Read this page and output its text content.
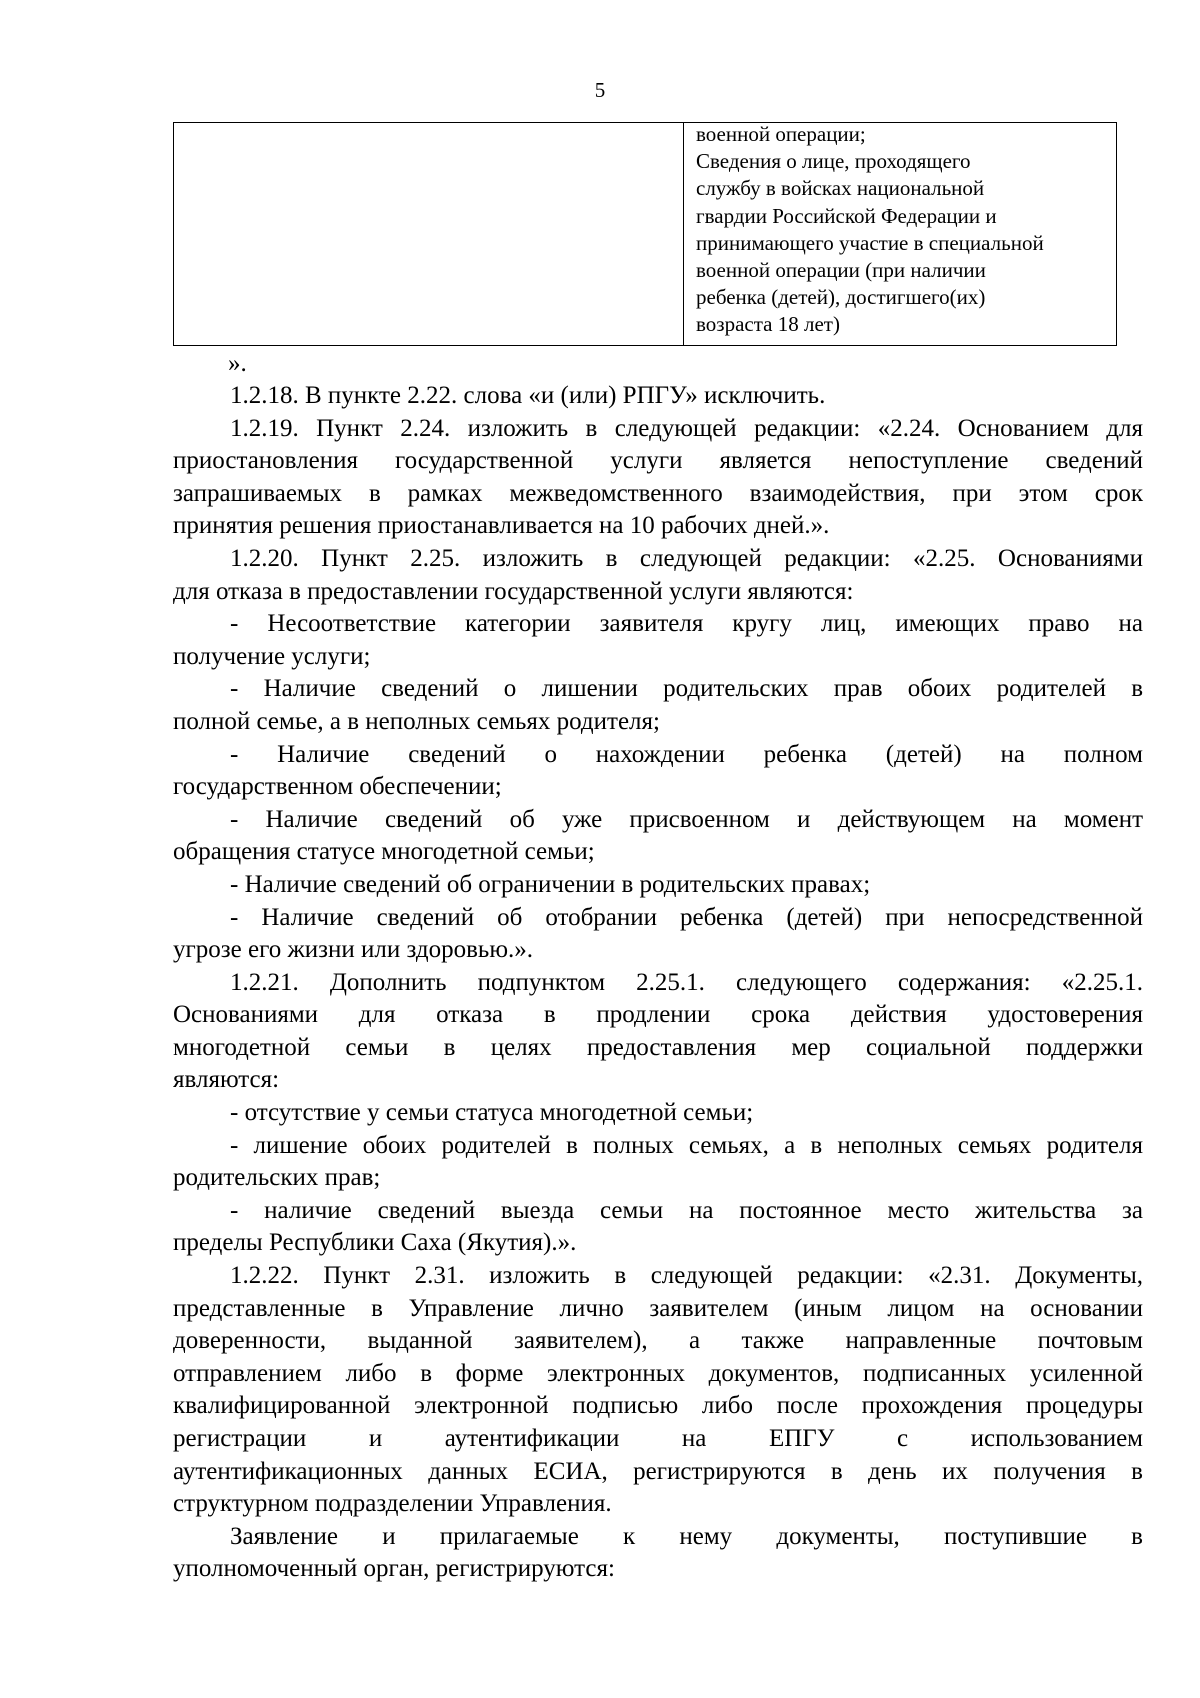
5
военной операции;
Сведения о лице, проходящего
службу в войсках национальной
гвардии Российской Федерации и
принимающего участие в специальной
военной операции (при наличии
ребенка (детей), достигшего(их)
возраста 18 лет)
».
1.2.18. В пункте 2.22. слова «и (или) РПГУ» исключить.
1.2.19. Пункт 2.24. изложить в следующей редакции: «2.24. Основанием для
приостановления государственной услуги является непоступление сведений
запрашиваемых в рамках межведомственного взаимодействия, при этом срок
принятия решения приостанавливается на 10 рабочих дней.».
1.2.20. Пункт 2.25. изложить в следующей редакции: «2.25. Основаниями
для отказа в предоставлении государственной услуги являются:
- Несоответствие категории заявителя кругу лиц, имеющих право на
получение услуги;
- Наличие сведений о лишении родительских прав обоих родителей в
полной семье, а в неполных семьях родителя;
- Наличие сведений о нахождении ребенка (детей) на полном
государственном обеспечении;
- Наличие сведений об уже присвоенном и действующем на момент
обращения статусе многодетной семьи;
- Наличие сведений об ограничении в родительских правах;
- Наличие сведений об отобрании ребенка (детей) при непосредственной
угрозе его жизни или здоровью.».
1.2.21. Дополнить подпунктом 2.25.1. следующего содержания: «2.25.1.
Основаниями для отказа в продлении срока действия удостоверения
многодетной семьи в целях предоставления мер социальной поддержки
являются:
- отсутствие у семьи статуса многодетной семьи;
- лишение обоих родителей в полных семьях, а в неполных семьях родителя
родительских прав;
- наличие сведений выезда семьи на постоянное место жительства за
пределы Республики Саха (Якутия).».
1.2.22. Пункт 2.31. изложить в следующей редакции: «2.31. Документы,
представленные в Управление лично заявителем (иным лицом на основании
доверенности, выданной заявителем), а также направленные почтовым
отправлением либо в форме электронных документов, подписанных усиленной
квалифицированной электронной подписью либо после прохождения процедуры
регистрации и аутентификации на ЕПГУ с использованием
аутентификационных данных ЕСИА, регистрируются в день их получения в
структурном подразделении Управления.
Заявление и прилагаемые к нему документы, поступившие в
уполномоченный орган, регистрируются:
